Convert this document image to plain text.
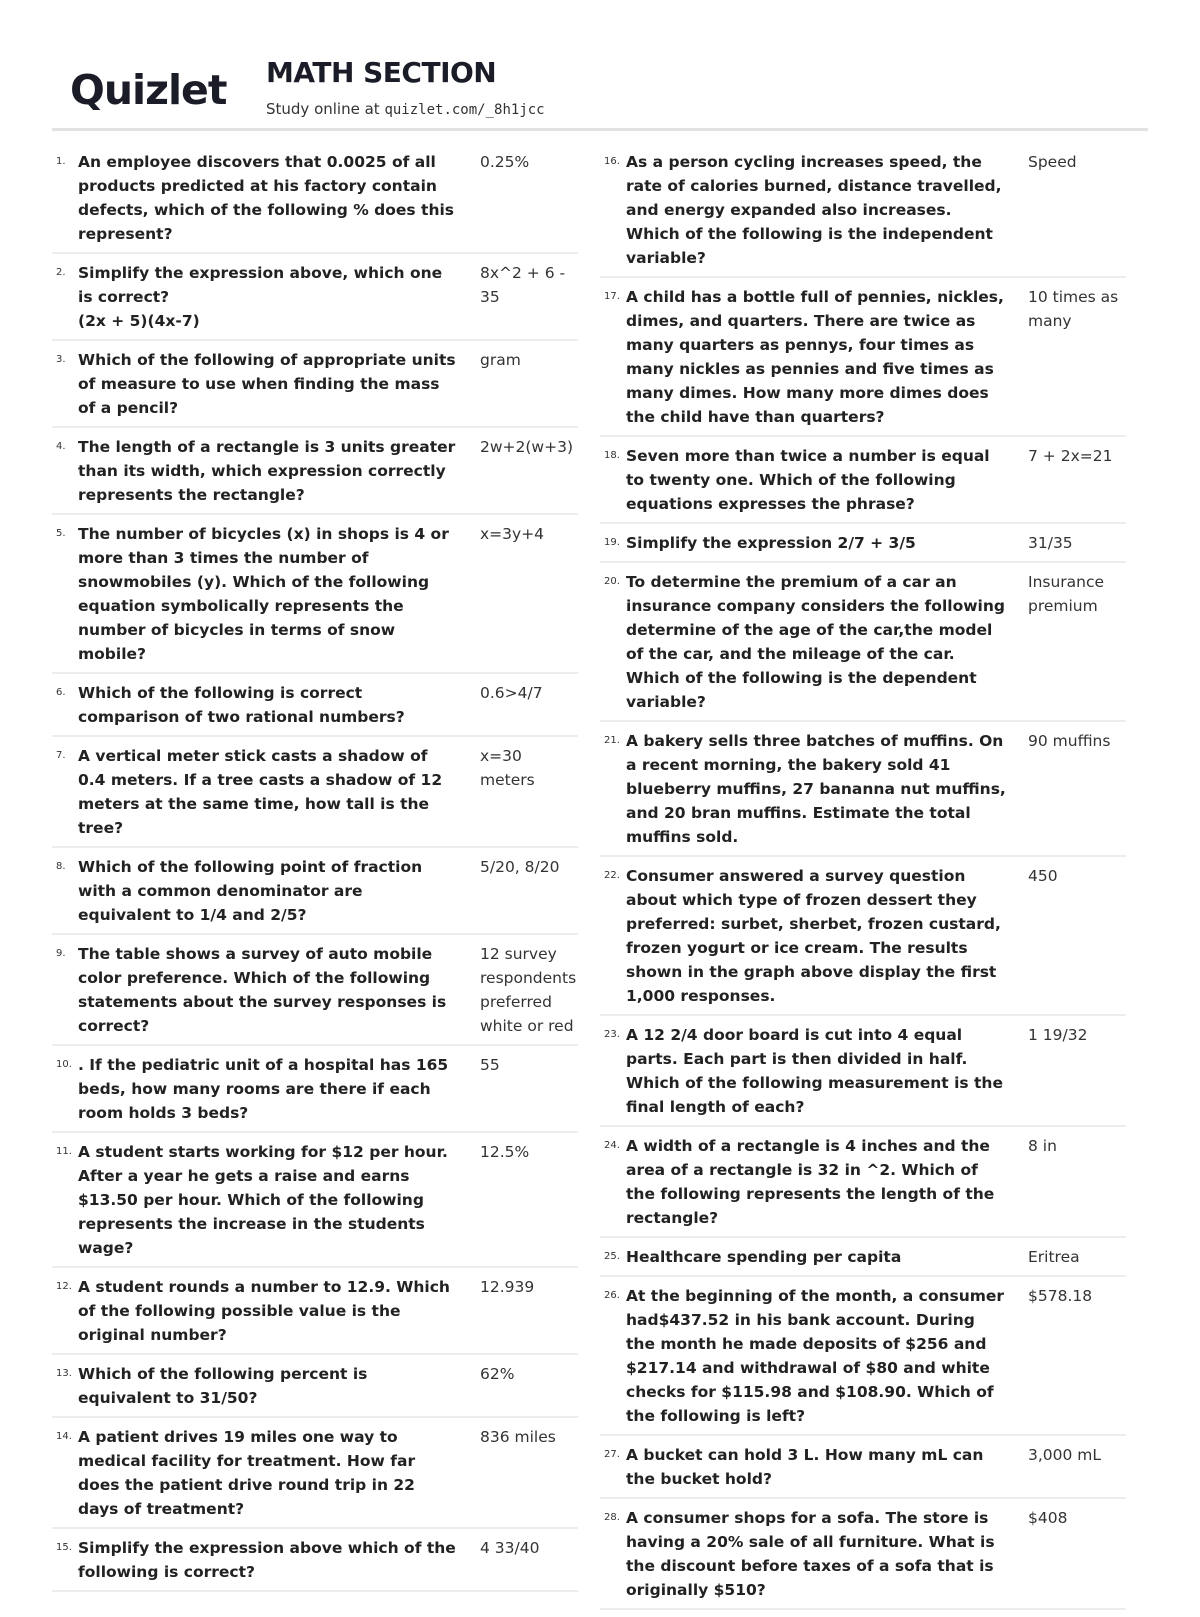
Quizlet MATH SECTION
Study online at quizlet.com/_8h1jcc
1. An employee discovers that 0.0025 of all products predicted at his factory contain defects, which of the following % does this represent?
0.25%
2. Simplify the expression above, which one is correct?
(2x + 5)(4x-7)
8x^2 + 6 - 35
3. Which of the following of appropriate units of measure to use when finding the mass of a pencil?
gram
4. The length of a rectangle is 3 units greater than its width, which expression correctly represents the rectangle?
2w+2(w+3)
5. The number of bicycles (x) in shops is 4 or more than 3 times the number of snowmobiles (y). Which of the following equation symbolically represents the number of bicycles in terms of snow mobile?
x=3y+4
6. Which of the following is correct comparison of two rational numbers?
0.6>4/7
7. A vertical meter stick casts a shadow of 0.4 meters. If a tree casts a shadow of 12 meters at the same time, how tall is the tree?
x=30 meters
8. Which of the following point of fraction with a common denominator are equivalent to 1/4 and 2/5?
5/20, 8/20
9. The table shows a survey of auto mobile color preference. Which of the following statements about the survey responses is correct?
12 survey respondents preferred white or red
10. . If the pediatric unit of a hospital has 165 beds, how many rooms are there if each room holds 3 beds?
55
11. A student starts working for $12 per hour. After a year he gets a raise and earns $13.50 per hour. Which of the following represents the increase in the students wage?
12.5%
12. A student rounds a number to 12.9. Which of the following possible value is the original number?
12.939
13. Which of the following percent is equivalent to 31/50?
62%
14. A patient drives 19 miles one way to medical facility for treatment. How far does the patient drive round trip in 22 days of treatment?
836 miles
15. Simplify the expression above which of the following is correct?
4 33/40
16. As a person cycling increases speed, the rate of calories burned, distance travelled, and energy expanded also increases. Which of the following is the independent variable?
Speed
17. A child has a bottle full of pennies, nickles, dimes, and quarters. There are twice as many quarters as pennys, four times as many nickles as pennies and five times as many dimes. How many more dimes does the child have than quarters?
10 times as many
18. Seven more than twice a number is equal to twenty one. Which of the following equations expresses the phrase?
7 + 2x=21
19. Simplify the expression 2/7 + 3/5	31/35
20. To determine the premium of a car an insurance company considers the following determine of the age of the car,the model of the car, and the mileage of the car. Which of the following is the dependent variable?
Insurance premium
21. A bakery sells three batches of muffins. On a recent morning, the bakery sold 41 blueberry muffins, 27 bananna nut muffins, and 20 bran muffins. Estimate the total muffins sold.
90 muffins
22. Consumer answered a survey question about which type of frozen dessert they preferred: surbet, sherbet, frozen custard, frozen yogurt or ice cream. The results shown in the graph above display the first 1,000 responses.
450
23. A 12 2/4 door board is cut into 4 equal parts. Each part is then divided in half. Which of the following measurement is the final length of each?
1 19/32
24. A width of a rectangle is 4 inches and the area of a rectangle is 32 in ^2. Which of the following represents the length of the rectangle?
8 in
25. Healthcare spending per capita	Eritrea
26. At the beginning of the month, a consumer had$437.52 in his bank account. During the month he made deposits of $256 and $217.14 and withdrawal of $80 and white checks for $115.98 and $108.90. Which of the following is left?
$578.18
27. A bucket can hold 3 L. How many mL can the bucket hold?
3,000 mL
28. A consumer shops for a sofa. The store is having a 20% sale of all furniture. What is the discount before taxes of a sofa that is originally $510?
$408
